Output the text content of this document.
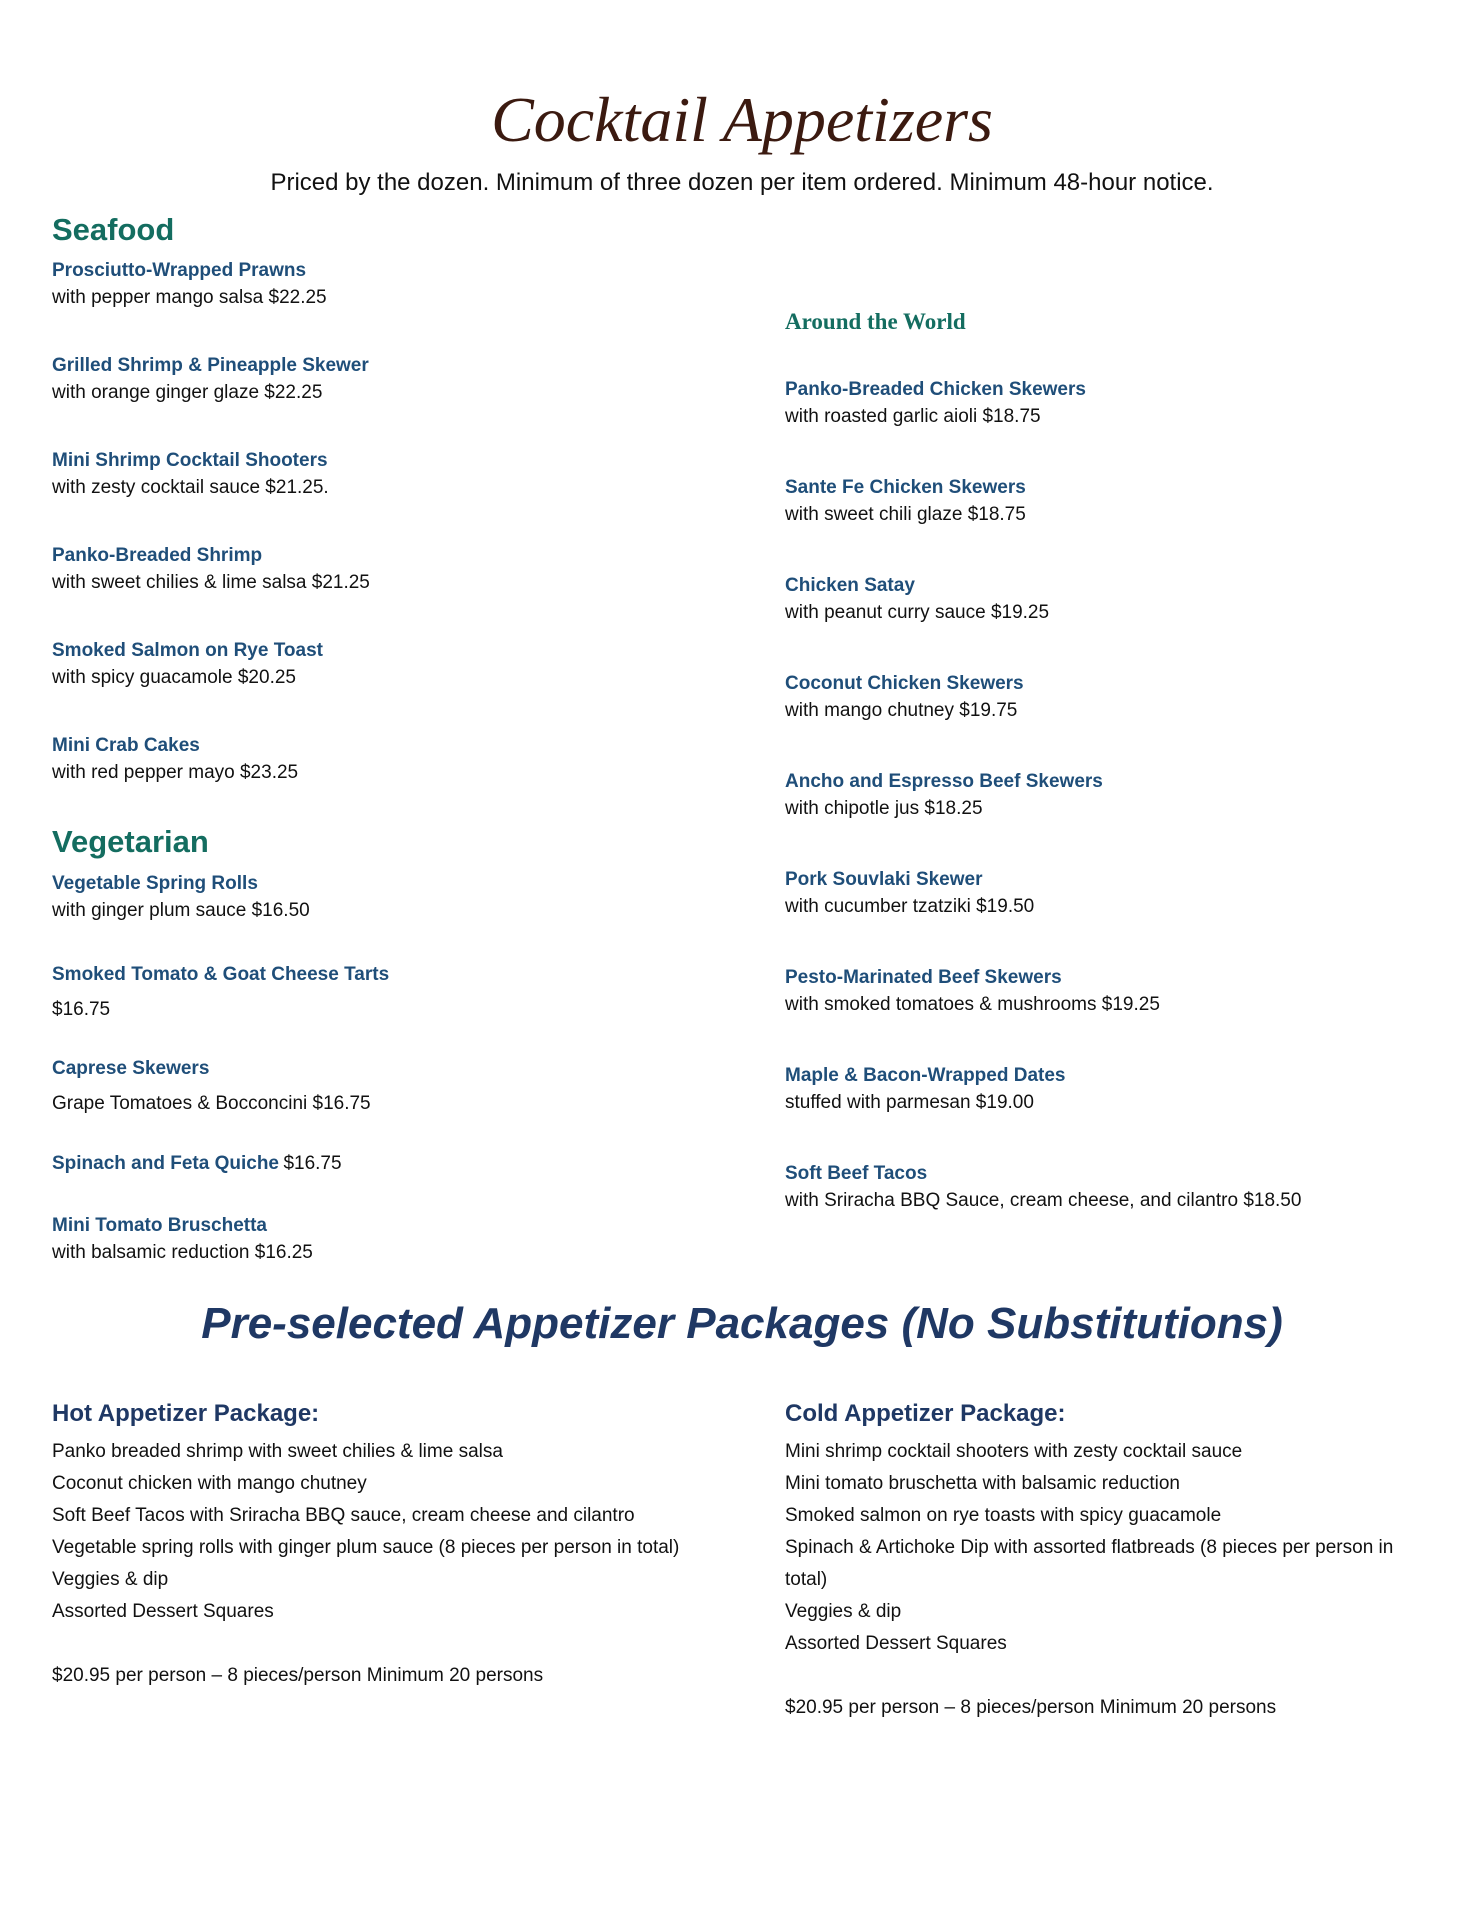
Cocktail Appetizers
Priced by the dozen. Minimum of three dozen per item ordered. Minimum 48-hour notice.
Seafood
Prosciutto-Wrapped Prawns
with pepper mango salsa $22.25
Grilled Shrimp & Pineapple Skewer
with orange ginger glaze $22.25
Mini Shrimp Cocktail Shooters
with zesty cocktail sauce $21.25.
Panko-Breaded Shrimp
with sweet chilies & lime salsa $21.25
Smoked Salmon on Rye Toast
with spicy guacamole $20.25
Mini Crab Cakes
with red pepper mayo $23.25
Vegetarian
Vegetable Spring Rolls
with ginger plum sauce $16.50
Smoked Tomato & Goat Cheese Tarts
$16.75
Caprese Skewers
Grape Tomatoes & Bocconcini $16.75
Spinach and Feta Quiche $16.75
Mini Tomato Bruschetta
with balsamic reduction $16.25
Around the World
Panko-Breaded Chicken Skewers
with roasted garlic aioli $18.75
Sante Fe Chicken Skewers
with sweet chili glaze $18.75
Chicken Satay
with peanut curry sauce $19.25
Coconut Chicken Skewers
with mango chutney $19.75
Ancho and Espresso Beef Skewers
with chipotle jus $18.25
Pork Souvlaki Skewer
with cucumber tzatziki $19.50
Pesto-Marinated Beef Skewers
with smoked tomatoes & mushrooms $19.25
Maple & Bacon-Wrapped Dates
stuffed with parmesan $19.00
Soft Beef Tacos
with Sriracha BBQ Sauce, cream cheese, and cilantro $18.50
Pre-selected Appetizer Packages (No Substitutions)
Hot Appetizer Package:
Panko breaded shrimp with sweet chilies & lime salsa
Coconut chicken with mango chutney
Soft Beef Tacos with Sriracha BBQ sauce, cream cheese and cilantro
Vegetable spring rolls with ginger plum sauce (8 pieces per person in total)
Veggies & dip
Assorted Dessert Squares
$20.95 per person – 8 pieces/person Minimum 20 persons
Cold Appetizer Package:
Mini shrimp cocktail shooters with zesty cocktail sauce
Mini tomato bruschetta with balsamic reduction
Smoked salmon on rye toasts with spicy guacamole
Spinach & Artichoke Dip with assorted flatbreads (8 pieces per person in total)
Veggies & dip
Assorted Dessert Squares
$20.95 per person – 8 pieces/person Minimum 20 persons
